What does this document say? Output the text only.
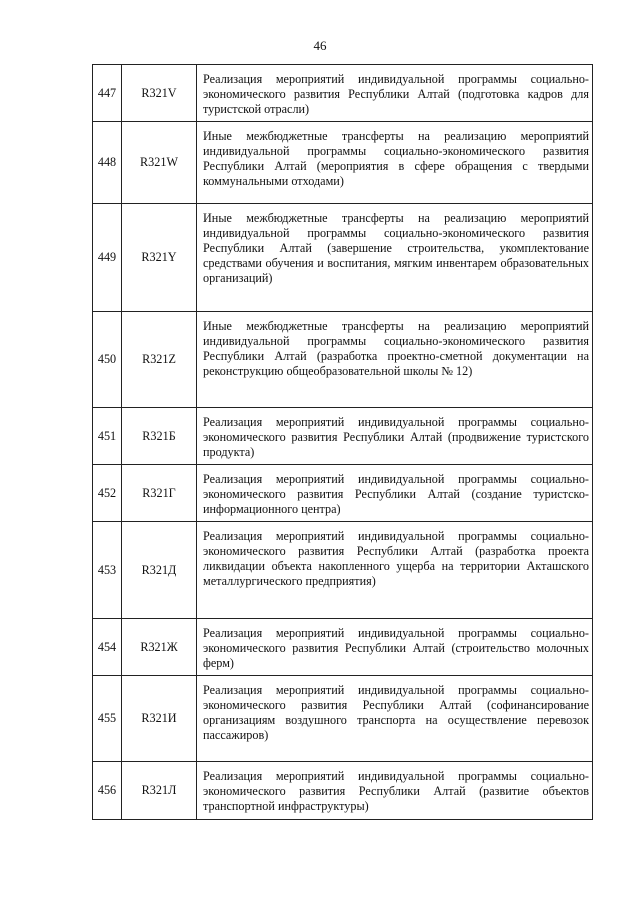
46
447	R321V	Реализация мероприятий индивидуальной программы социально-экономического развития Республики Алтай (подготовка кадров для туристской отрасли)
448	R321W	Иные межбюджетные трансферты на реализацию мероприятий индивидуальной программы социально-экономического развития Республики Алтай (мероприятия в сфере обращения с твердыми коммунальными отходами)
449	R321Y	Иные межбюджетные трансферты на реализацию мероприятий индивидуальной программы социально-экономического развития Республики Алтай (завершение строительства, укомплектование средствами обучения и воспитания, мягким инвентарем образовательных организаций)
450	R321Z	Иные межбюджетные трансферты на реализацию мероприятий индивидуальной программы социально-экономического развития Республики Алтай (разработка проектно-сметной документации на реконструкцию общеобразовательной школы № 12)
451	R321Б	Реализация мероприятий индивидуальной программы социально-экономического развития Республики Алтай (продвижение туристского продукта)
452	R321Г	Реализация мероприятий индивидуальной программы социально-экономического развития Республики Алтай (создание туристско-информационного центра)
453	R321Д	Реализация мероприятий индивидуальной программы социально-экономического развития Республики Алтай (разработка проекта ликвидации объекта накопленного ущерба на территории Акташского металлургического предприятия)
454	R321Ж	Реализация мероприятий индивидуальной программы социально-экономического развития Республики Алтай (строительство молочных ферм)
455	R321И	Реализация мероприятий индивидуальной программы социально-экономического развития Республики Алтай (софинансирование организациям воздушного транспорта на осуществление перевозок пассажиров)
456	R321Л	Реализация мероприятий индивидуальной программы социально-экономического развития Республики Алтай (развитие объектов транспортной инфраструктуры)
